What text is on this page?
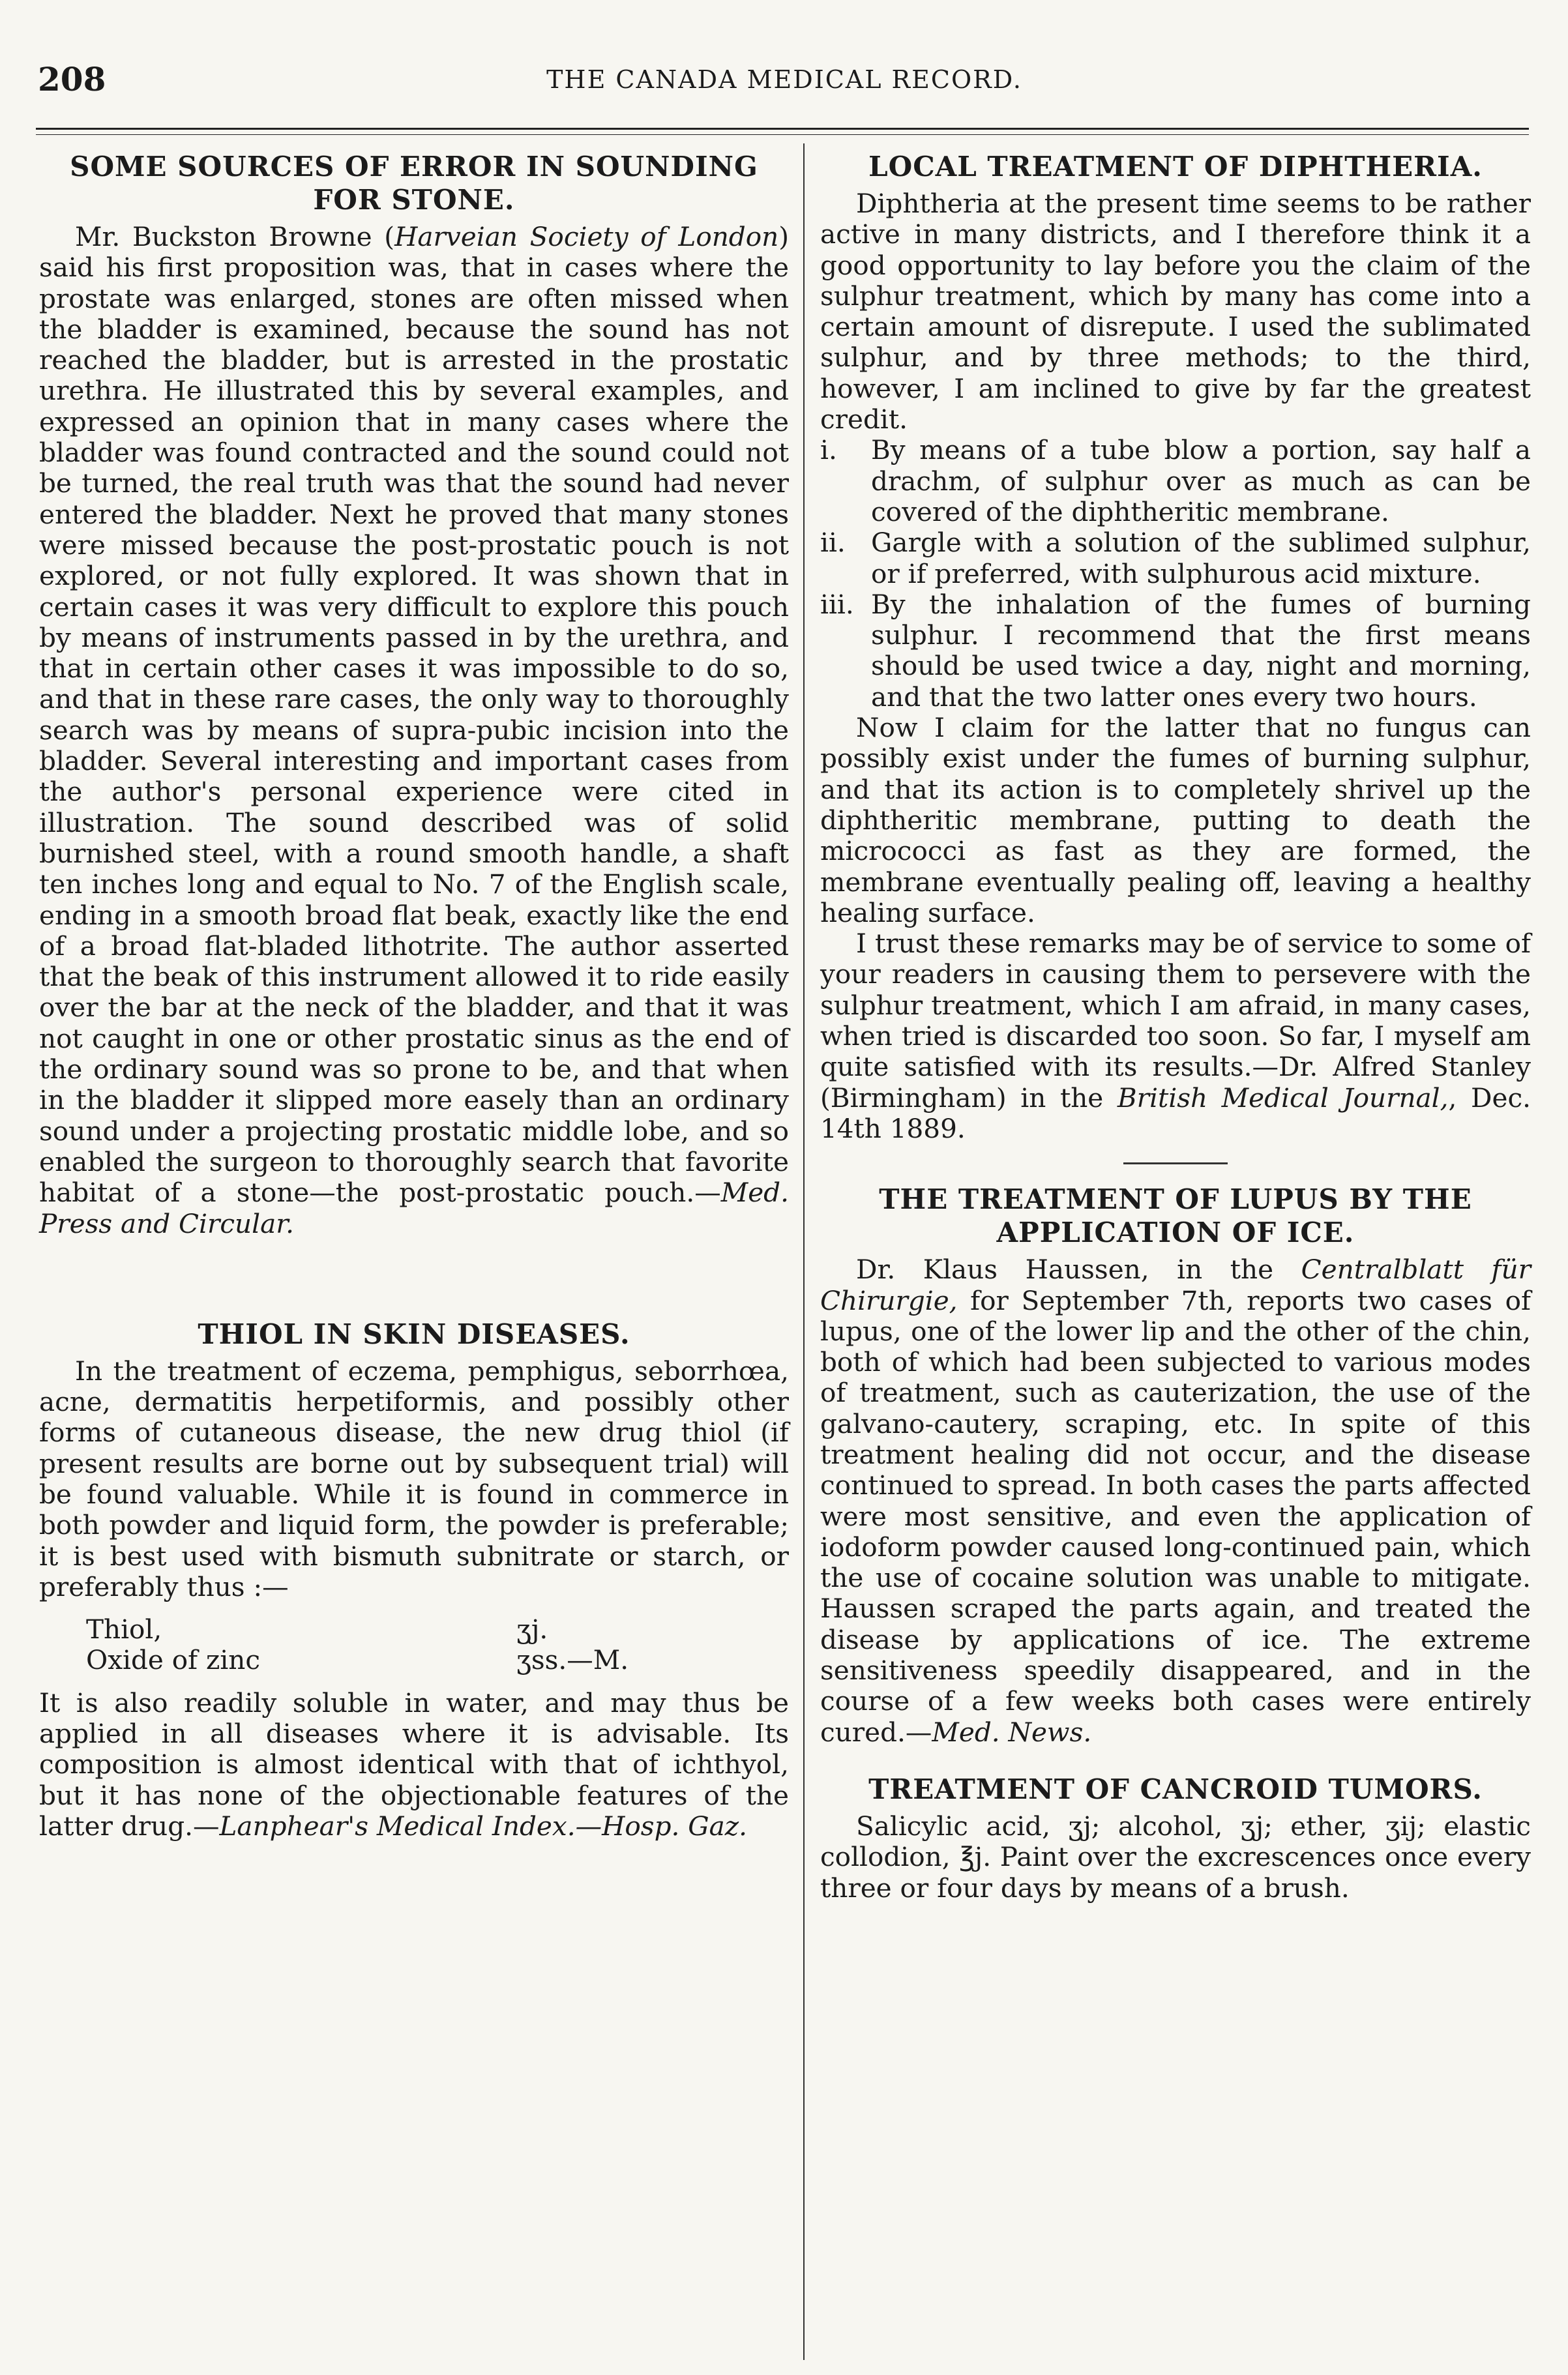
208	THE CANADA MEDICAL RECORD.
SOME SOURCES OF ERROR IN SOUNDING FOR STONE.

Mr. Buckston Browne (Harveian Society of London) said his first proposition was, that in cases where the prostate was enlarged, stones are often missed when the bladder is examined, because the sound has not reached the bladder, but is arrested in the prostatic urethra. He illustrated this by several examples, and expressed an opinion that in many cases where the bladder was found contracted and the sound could not be turned, the real truth was that the sound had never entered the bladder. Next he proved that many stones were missed because the post-prostatic pouch is not explored, or not fully explored. It was shown that in certain cases it was very difficult to explore this pouch by means of instruments passed in by the urethra, and that in certain other cases it was impossible to do so, and that in these rare cases, the only way to thoroughly search was by means of supra-pubic incision into the bladder. Several interesting and important cases from the author's personal experience were cited in illustration. The sound described was of solid burnished steel, with a round smooth handle, a shaft ten inches long and equal to No. 7 of the English scale, ending in a smooth broad flat beak, exactly like the end of a broad flat-bladed lithotrite. The author asserted that the beak of this instrument allowed it to ride easily over the bar at the neck of the bladder, and that it was not caught in one or other prostatic sinus as the end of the ordinary sound was so prone to be, and that when in the bladder it slipped more easely than an ordinary sound under a projecting prostatic middle lobe, and so enabled the surgeon to thoroughly search that favorite habitat of a stone—the post-prostatic pouch.—Med. Press and Circular.

THIOL IN SKIN DISEASES.

In the treatment of eczema, pemphigus, seborrhœa, acne, dermatitis herpetiformis, and possibly other forms of cutaneous disease, the new drug thiol (if present results are borne out by subsequent trial) will be found valuable. While it is found in commerce in both powder and liquid form, the powder is preferable; it is best used with bismuth subnitrate or starch, or preferably thus :—

Thiol,	ʒj.
Oxide of zinc	ʒss.—M.

It is also readily soluble in water, and may thus be applied in all diseases where it is advisable. Its composition is almost identical with that of ichthyol, but it has none of the objectionable features of the latter drug.—Lanphear's Medical Index.—Hosp. Gaz.

LOCAL TREATMENT OF DIPHTHERIA.

Diphtheria at the present time seems to be rather active in many districts, and I therefore think it a good opportunity to lay before you the claim of the sulphur treatment, which by many has come into a certain amount of disrepute. I used the sublimated sulphur, and by three methods; to the third, however, I am inclined to give by far the greatest credit.

i. By means of a tube blow a portion, say half a drachm, of sulphur over as much as can be covered of the diphtheritic membrane.
ii. Gargle with a solution of the sublimed sulphur, or if preferred, with sulphurous acid mixture.
iii. By the inhalation of the fumes of burning sulphur. I recommend that the first means should be used twice a day, night and morning, and that the two latter ones every two hours.

Now I claim for the latter that no fungus can possibly exist under the fumes of burning sulphur, and that its action is to completely shrivel up the diphtheritic membrane, putting to death the micrococci as fast as they are formed, the membrane eventually pealing off, leaving a healthy healing surface.

I trust these remarks may be of service to some of your readers in causing them to persevere with the sulphur treatment, which I am afraid, in many cases, when tried is discarded too soon. So far, I myself am quite satisfied with its results.—Dr. Alfred Stanley (Birmingham) in the British Medical Journal,, Dec. 14th 1889.

THE TREATMENT OF LUPUS BY THE APPLICATION OF ICE.

Dr. Klaus Haussen, in the Centralblatt für Chirurgie, for September 7th, reports two cases of lupus, one of the lower lip and the other of the chin, both of which had been subjected to various modes of treatment, such as cauterization, the use of the galvano-cautery, scraping, etc. In spite of this treatment healing did not occur, and the disease continued to spread. In both cases the parts affected were most sensitive, and even the application of iodoform powder caused long-continued pain, which the use of cocaine solution was unable to mitigate. Haussen scraped the parts again, and treated the disease by applications of ice. The extreme sensitiveness speedily disappeared, and in the course of a few weeks both cases were entirely cured.—Med. News.

TREATMENT OF CANCROID TUMORS.

Salicylic acid, ʒj; alcohol, ʒj; ether, ʒij; elastic collodion, ℥j. Paint over the excrescences once every three or four days by means of a brush.
